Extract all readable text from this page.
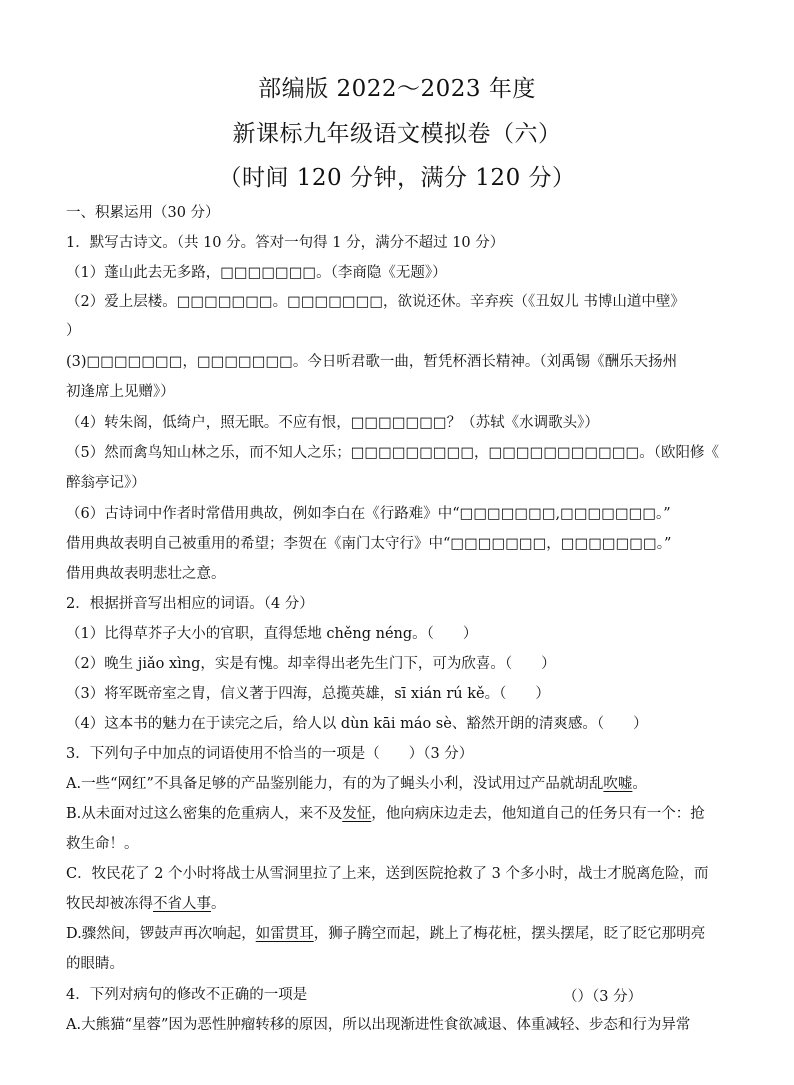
部编版 2022～2023 年度
新课标九年级语文模拟卷（六）
（时间 120 分钟，满分 120 分）
一、积累运用（30 分）
1．默写古诗文。（共 10 分。答对一句得 1 分，满分不超过 10 分）
（1）蓬山此去无多路，□□□□□□□。（李商隐《无题》）
（2）爱上层楼。□□□□□□□。□□□□□□□，欲说还休。辛弃疾（《丑奴儿 书博山道中壁》
）
(3)□□□□□□□，□□□□□□□。今日听君歌一曲，暂凭杯酒长精神。（刘禹锡《酬乐天扬州
初逢席上见赠》）
（4）转朱阁，低绮户，照无眠。不应有恨，□□□□□□□？（苏轼《水调歌头》）
（5）然而禽鸟知山林之乐，而不知人之乐；□□□□□□□□□，□□□□□□□□□□□。（欧阳修《
醉翁亭记》）
（6）古诗词中作者时常借用典故，例如李白在《行路难》中“□□□□□□□,□□□□□□□。”
借用典故表明自己被重用的希望；李贺在《南门太守行》中“□□□□□□□，□□□□□□□。”
借用典故表明悲壮之意。
2．根据拼音写出相应的词语。（4 分）
（1）比得草芥子大小的官职，直得恁地 chěng néng。（　　）
（2）晚生 jiǎo xìng，实是有愧。却幸得出老先生门下，可为欣喜。（　　）
（3）将军既帝室之胄，信义著于四海，总揽英雄，sī xián rú kě。（　　）
（4）这本书的魅力在于读完之后，给人以 dùn kāi máo sè、豁然开朗的清爽感。（　　）
3．下列句子中加点的词语使用不恰当的一项是（　　）（3 分）
A.一些“网红”不具备足够的产品鉴别能力，有的为了蝇头小利，没试用过产品就胡乱吹嘘。
B.从未面对过这么密集的危重病人，来不及发怔，他向病床边走去，他知道自己的任务只有一个：抢
救生命！。
C．牧民花了 2 个小时将战士从雪洞里拉了上来，送到医院抢救了 3 个多小时，战士才脱离危险，而
牧民却被冻得不省人事。
D.骤然间，锣鼓声再次响起，如雷贯耳，狮子腾空而起，跳上了梅花桩，摆头摆尾，眨了眨它那明亮
的眼睛。
4．下列对病句的修改不正确的一项是	（）（3 分）
A.大熊猫“星蓉”因为恶性肿瘤转移的原因，所以出现渐进性食欲减退、体重减轻、步态和行为异常
